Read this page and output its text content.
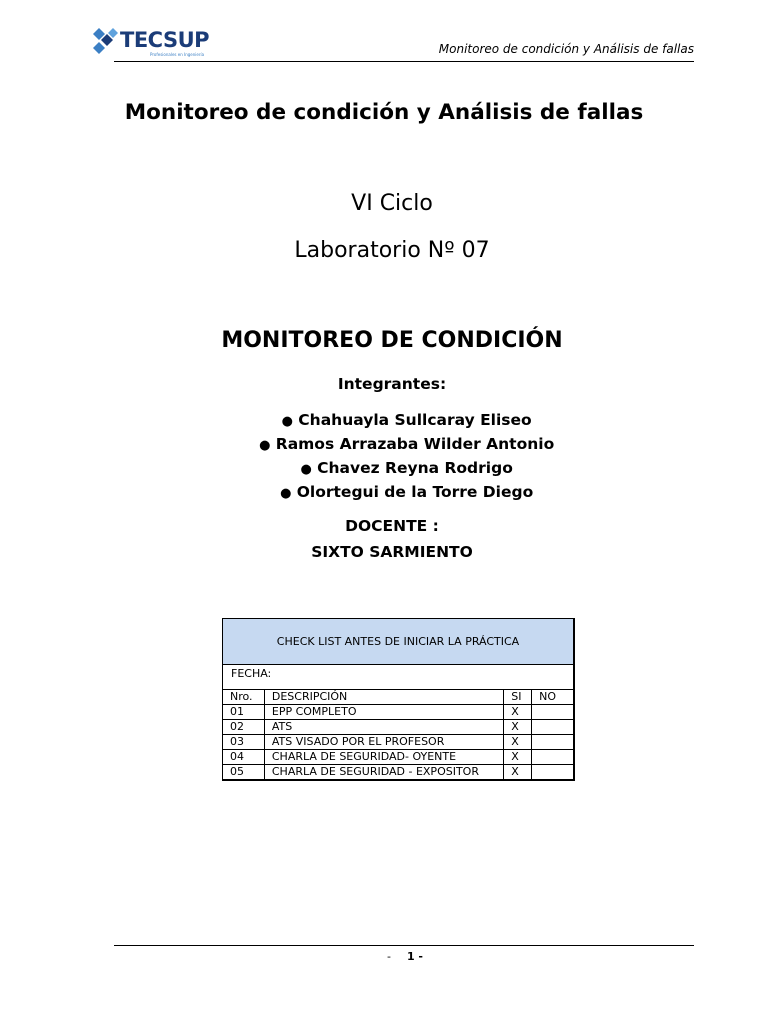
TECSUP
Profesionales en Ingeniería	Monitoreo de condición y Análisis de fallas
Monitoreo de condición y Análisis de fallas
VI Ciclo
Laboratorio Nº 07
MONITOREO DE CONDICIÓN
Integrantes:
● Chahuayla Sullcaray Eliseo
● Ramos Arrazaba Wilder Antonio
● Chavez Reyna Rodrigo
● Olortegui de la Torre Diego
DOCENTE :
SIXTO SARMIENTO
CHECK LIST ANTES DE INICIAR LA PRÁCTICA
FECHA:
Nro.	DESCRIPCIÓN	SI	NO
01	EPP COMPLETO	X	
02	ATS	X	
03	ATS VISADO POR EL PROFESOR	X	
04	CHARLA DE SEGURIDAD- OYENTE	X	
05	CHARLA DE SEGURIDAD - EXPOSITOR	X	
- 1 -
